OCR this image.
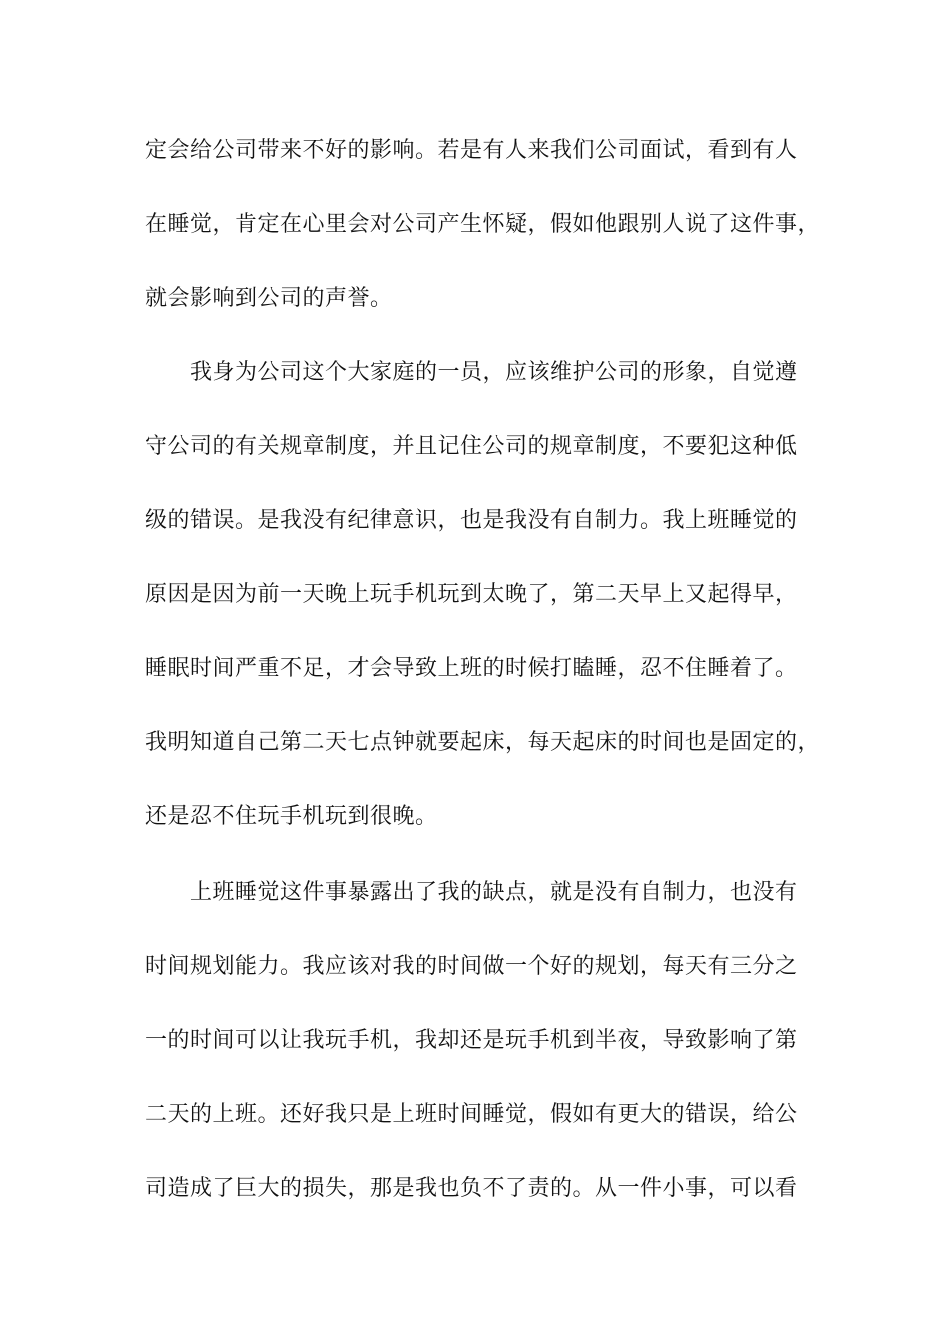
定会给公司带来不好的影响。若是有人来我们公司面试，看到有人
在睡觉，肯定在心里会对公司产生怀疑，假如他跟别人说了这件事，
就会影响到公司的声誉。
我身为公司这个大家庭的一员，应该维护公司的形象，自觉遵
守公司的有关规章制度，并且记住公司的规章制度，不要犯这种低
级的错误。是我没有纪律意识，也是我没有自制力。我上班睡觉的
原因是因为前一天晚上玩手机玩到太晚了，第二天早上又起得早，
睡眠时间严重不足，才会导致上班的时候打瞌睡，忍不住睡着了。
我明知道自己第二天七点钟就要起床，每天起床的时间也是固定的，
还是忍不住玩手机玩到很晚。
上班睡觉这件事暴露出了我的缺点，就是没有自制力，也没有
时间规划能力。我应该对我的时间做一个好的规划，每天有三分之
一的时间可以让我玩手机，我却还是玩手机到半夜，导致影响了第
二天的上班。还好我只是上班时间睡觉，假如有更大的错误，给公
司造成了巨大的损失，那是我也负不了责的。从一件小事，可以看
